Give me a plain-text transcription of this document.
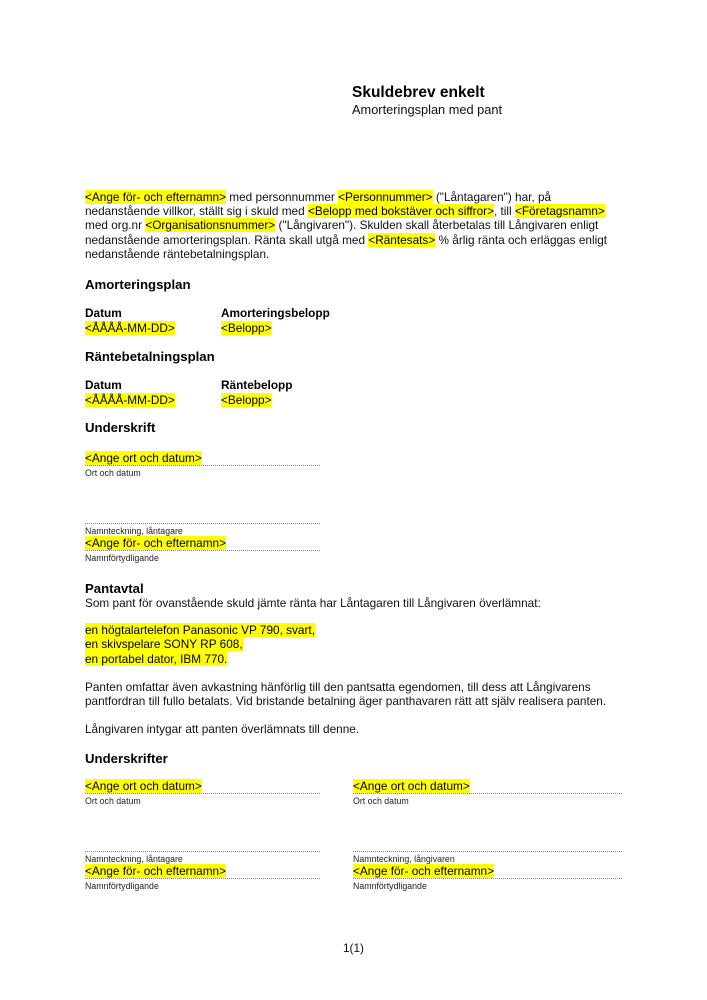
Skuldebrev enkelt

Amorteringsplan med pant

<Ange för- och efternamn> med personnummer <Personnummer> ("Låntagaren") har, på nedanstående villkor, ställt sig i skuld med <Belopp med bokstäver och siffror>, till <Företagsnamn> med org.nr <Organisationsnummer> ("Långivaren"). Skulden skall återbetalas till Långivaren enligt nedanstående amorteringsplan. Ränta skall utgå med <Räntesats> % årlig ränta och erläggas enligt nedanstående räntebetalningsplan.

Amorteringsplan
Datum	Amorteringsbelopp
<ÅÅÅÅ-MM-DD>	<Belopp>
Räntebetalningsplan
Datum	Räntebelopp
<ÅÅÅÅ-MM-DD>	<Belopp>
Underskrift
<Ange ort och datum>
Ort och datum
Namnteckning, låntagare
<Ange för- och efternamn>
Namnförtydligande
Pantavtal

Som pant för ovanstående skuld jämte ränta har Låntagaren till Långivaren överlämnat:

en högtalartelefon Panasonic VP 790, svart,
en skivspelare SONY RP 608,
en portabel dator, IBM 770.

Panten omfattar även avkastning hänförlig till den pantsatta egendomen, till dess att Långivarens pantfordran till fullo betalats. Vid bristande betalning äger panthavaren rätt att själv realisera panten.

Långivaren intygar att panten överlämnats till denne.

Underskrifter
<Ange ort och datum>
Ort och datum
Namnteckning, låntagare
<Ange för- och efternamn>
Namnförtydligande
<Ange ort och datum>
Ort och datum
Namnteckning, långivaren
<Ange för- och efternamn>
Namnförtydligande
1(1)
